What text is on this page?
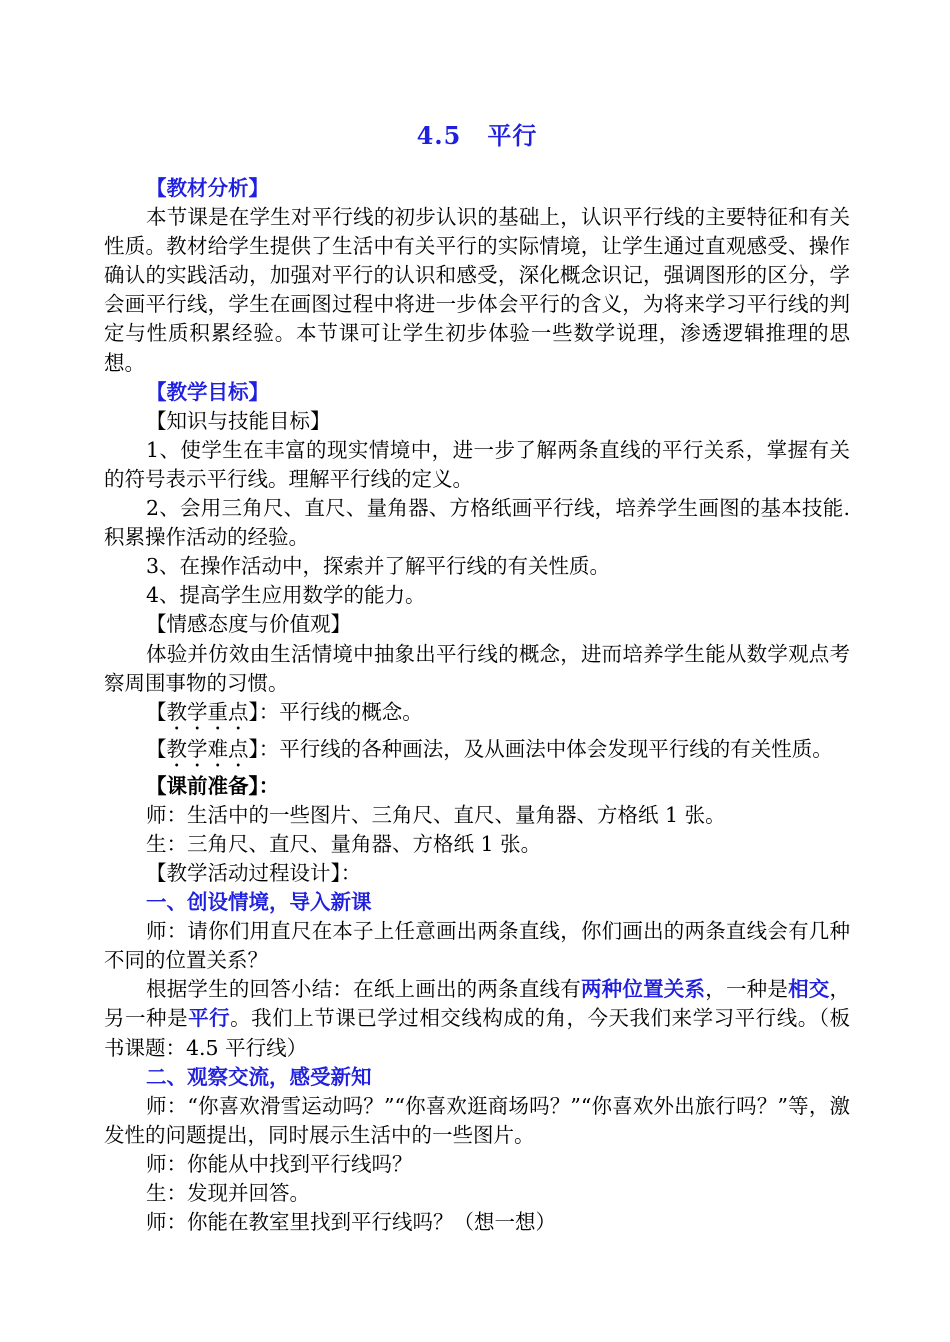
4.5 平行

【教材分析】

本节课是在学生对平行线的初步认识的基础上，认识平行线的主要特征和有关性质。教材给学生提供了生活中有关平行的实际情境，让学生通过直观感受、操作确认的实践活动，加强对平行的认识和感受，深化概念识记，强调图形的区分，学会画平行线，学生在画图过程中将进一步体会平行的含义，为将来学习平行线的判定与性质积累经验。本节课可让学生初步体验一些数学说理，渗透逻辑推理的思想。

【教学目标】

【知识与技能目标】

1、使学生在丰富的现实情境中，进一步了解两条直线的平行关系，掌握有关的符号表示平行线。理解平行线的定义。

2、会用三角尺、直尺、量角器、方格纸画平行线，培养学生画图的基本技能. 积累操作活动的经验。

3、在操作活动中，探索并了解平行线的有关性质。

4、提高学生应用数学的能力。

【情感态度与价值观】

体验并仿效由生活情境中抽象出平行线的概念，进而培养学生能从数学观点考察周围事物的习惯。

【教学重点】：平行线的概念。

【教学难点】：平行线的各种画法，及从画法中体会发现平行线的有关性质。

【课前准备】：

师：生活中的一些图片、三角尺、直尺、量角器、方格纸 1 张。

生：三角尺、直尺、量角器、方格纸 1 张。

【教学活动过程设计】：

一、创设情境，导入新课

师：请你们用直尺在本子上任意画出两条直线，你们画出的两条直线会有几种不同的位置关系？

根据学生的回答小结：在纸上画出的两条直线有两种位置关系，一种是相交，另一种是平行。我们上节课已学过相交线构成的角，今天我们来学习平行线。（板书课题：4.5 平行线）

二、观察交流，感受新知

师：“你喜欢滑雪运动吗？”“你喜欢逛商场吗？”“你喜欢外出旅行吗？”等，激发性的问题提出，同时展示生活中的一些图片。

师：你能从中找到平行线吗？

生：发现并回答。

师：你能在教室里找到平行线吗？（想一想）
